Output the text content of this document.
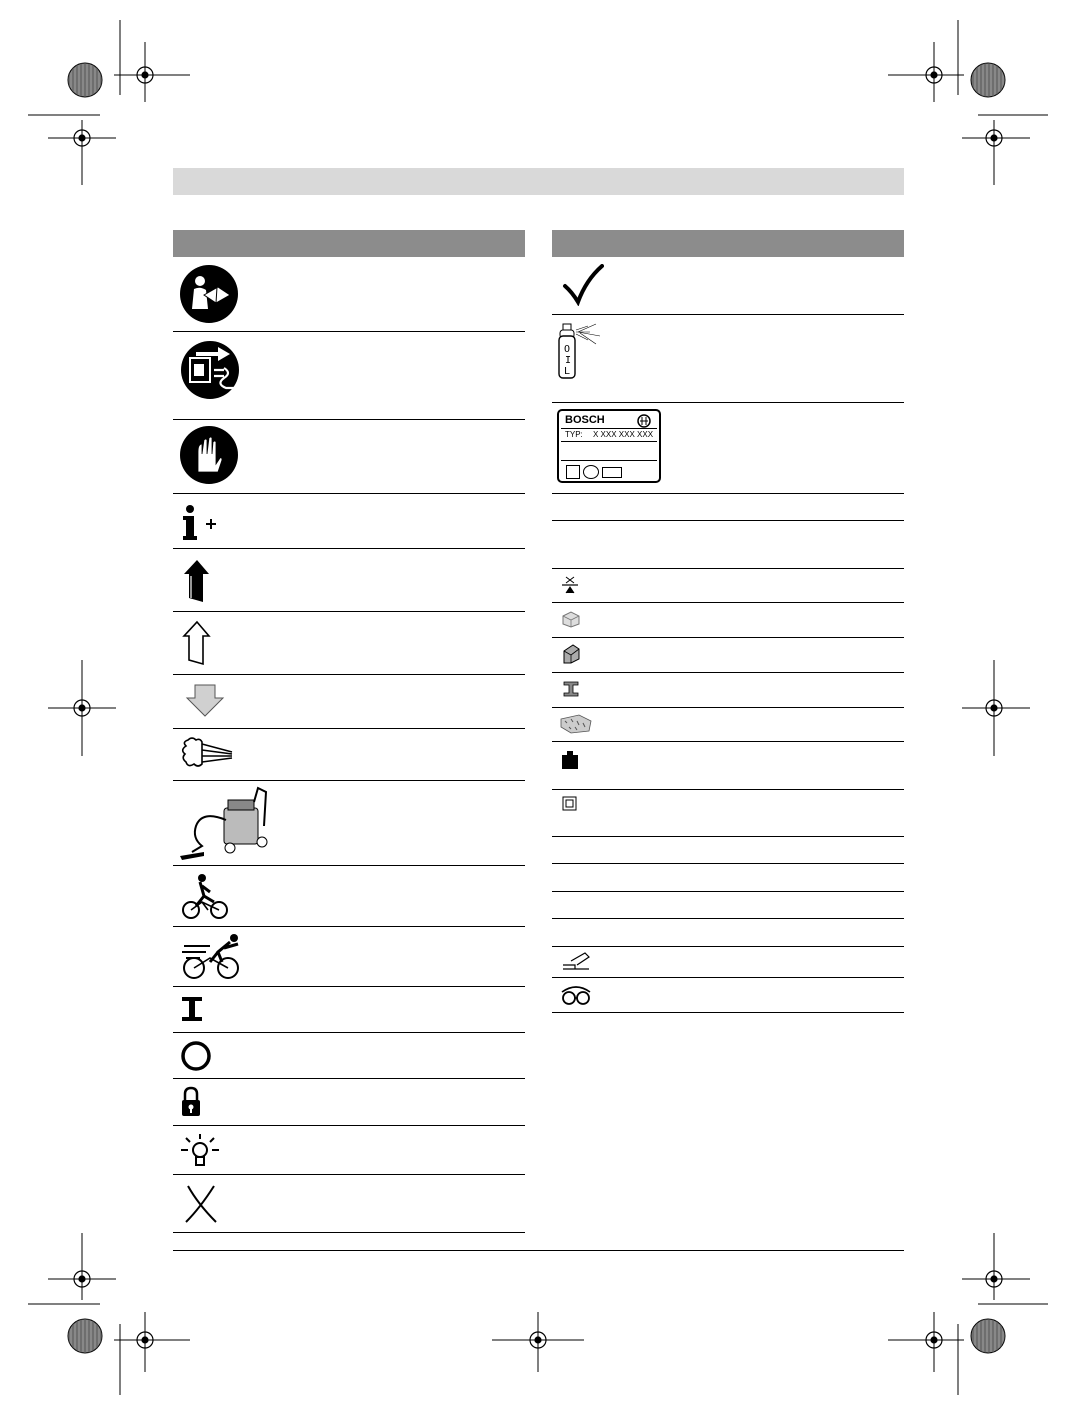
O
I
L
BOSCH
TYP: X XXX XXX XXX
